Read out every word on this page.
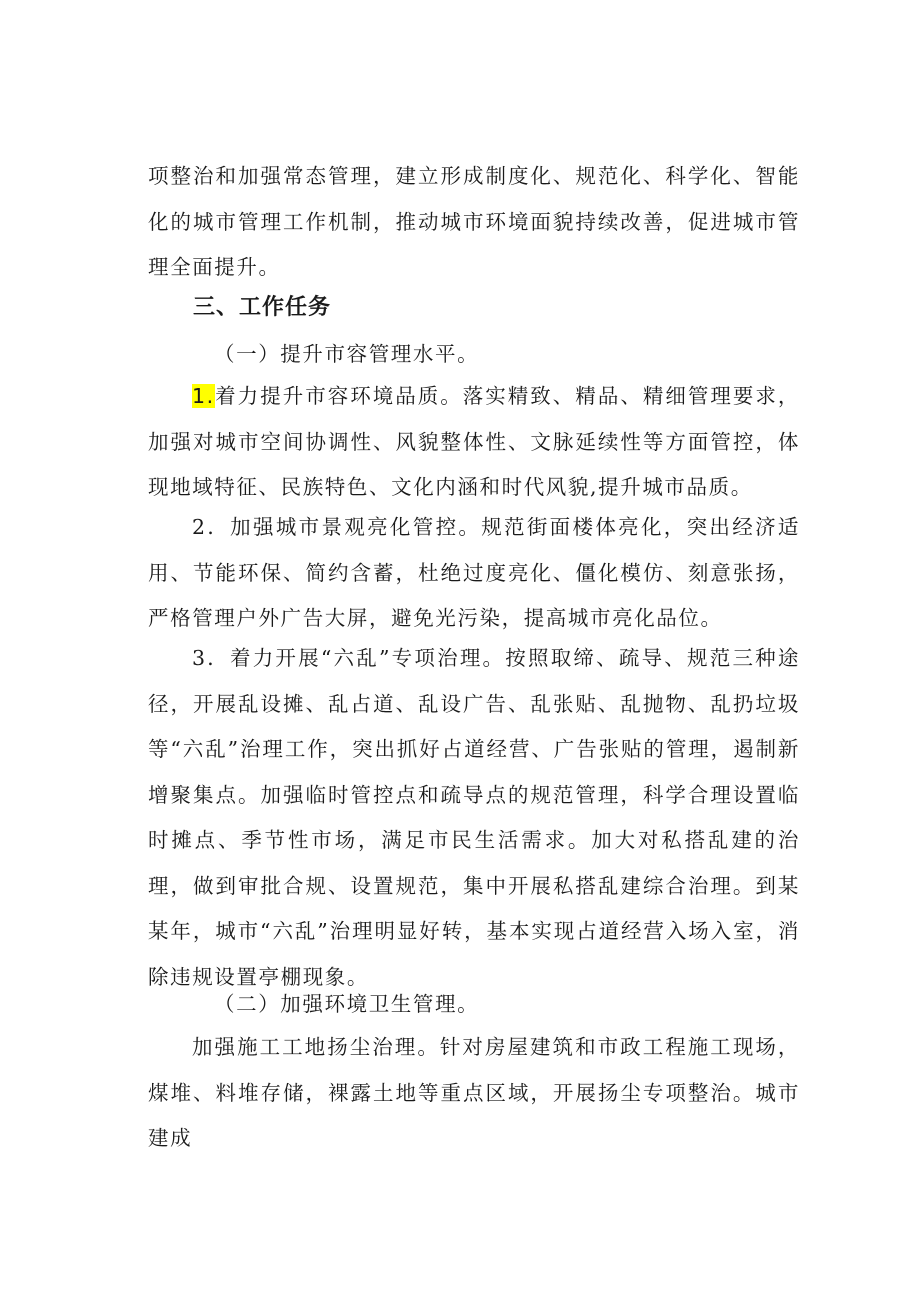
项整治和加强常态管理，建立形成制度化、规范化、科学化、智能化的城市管理工作机制，推动城市环境面貌持续改善，促进城市管理全面提升。

三、工作任务

（一）提升市容管理水平。

1.着力提升市容环境品质。落实精致、精品、精细管理要求，加强对城市空间协调性、风貌整体性、文脉延续性等方面管控，体现地域特征、民族特色、文化内涵和时代风貌,提升城市品质。

2．加强城市景观亮化管控。规范街面楼体亮化，突出经济适用、节能环保、简约含蓄，杜绝过度亮化、僵化模仿、刻意张扬，严格管理户外广告大屏，避免光污染，提高城市亮化品位。

3．着力开展“六乱”专项治理。按照取缔、疏导、规范三种途径，开展乱设摊、乱占道、乱设广告、乱张贴、乱抛物、乱扔垃圾等“六乱”治理工作，突出抓好占道经营、广告张贴的管理，遏制新增聚集点。加强临时管控点和疏导点的规范管理，科学合理设置临时摊点、季节性市场，满足市民生活需求。加大对私搭乱建的治理，做到审批合规、设置规范，集中开展私搭乱建综合治理。到某某年，城市“六乱”治理明显好转，基本实现占道经营入场入室，消除违规设置亭棚现象。

（二）加强环境卫生管理。

加强施工工地扬尘治理。针对房屋建筑和市政工程施工现场，煤堆、料堆存储，裸露土地等重点区域，开展扬尘专项整治。城市建成
